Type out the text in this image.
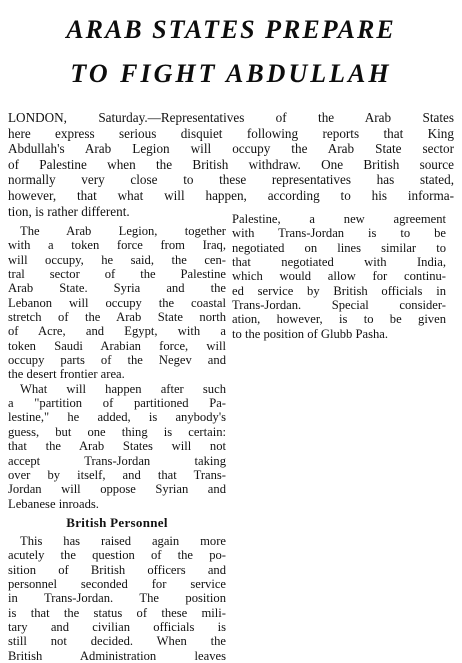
ARAB STATES PREPARE
TO FIGHT ABDULLAH
LONDON, Saturday.—Representatives of the Arab States
here express serious disquiet following reports that King
Abdullah's Arab Legion will occupy the Arab State sector
of Palestine when the British withdraw. One British source
normally very close to these representatives has stated,
however, that what will happen, according to his informa-
tion, is rather different.
The Arab Legion, together
with a token force from Iraq,
will occupy, he said, the cen-
tral sector of the Palestine
Arab State. Syria and the
Lebanon will occupy the coastal
stretch of the Arab State north
of Acre, and Egypt, with a
token Saudi Arabian force, will
occupy parts of the Negev and
the desert frontier area.
What will happen after such
a "partition of partitioned Pa-
lestine," he added, is anybody's
guess, but one thing is certain:
that the Arab States will not
accept Trans-Jordan taking
over by itself, and that Trans-
Jordan will oppose Syrian and
Lebanese inroads.
British Personnel
This has raised again more
acutely the question of the po-
sition of British officers and
personnel seconded for service
in Trans-Jordan. The position
is that the status of these mili-
tary and civilian officials is
still not decided. When the
British Administration leaves
Palestine, a new agreement
with Trans-Jordan is to be
negotiated on lines similar to
that negotiated with India,
which would allow for continu-
ed service by British officials in
Trans-Jordan. Special consider-
ation, however, is to be given
to the position of Glubb Pasha.
